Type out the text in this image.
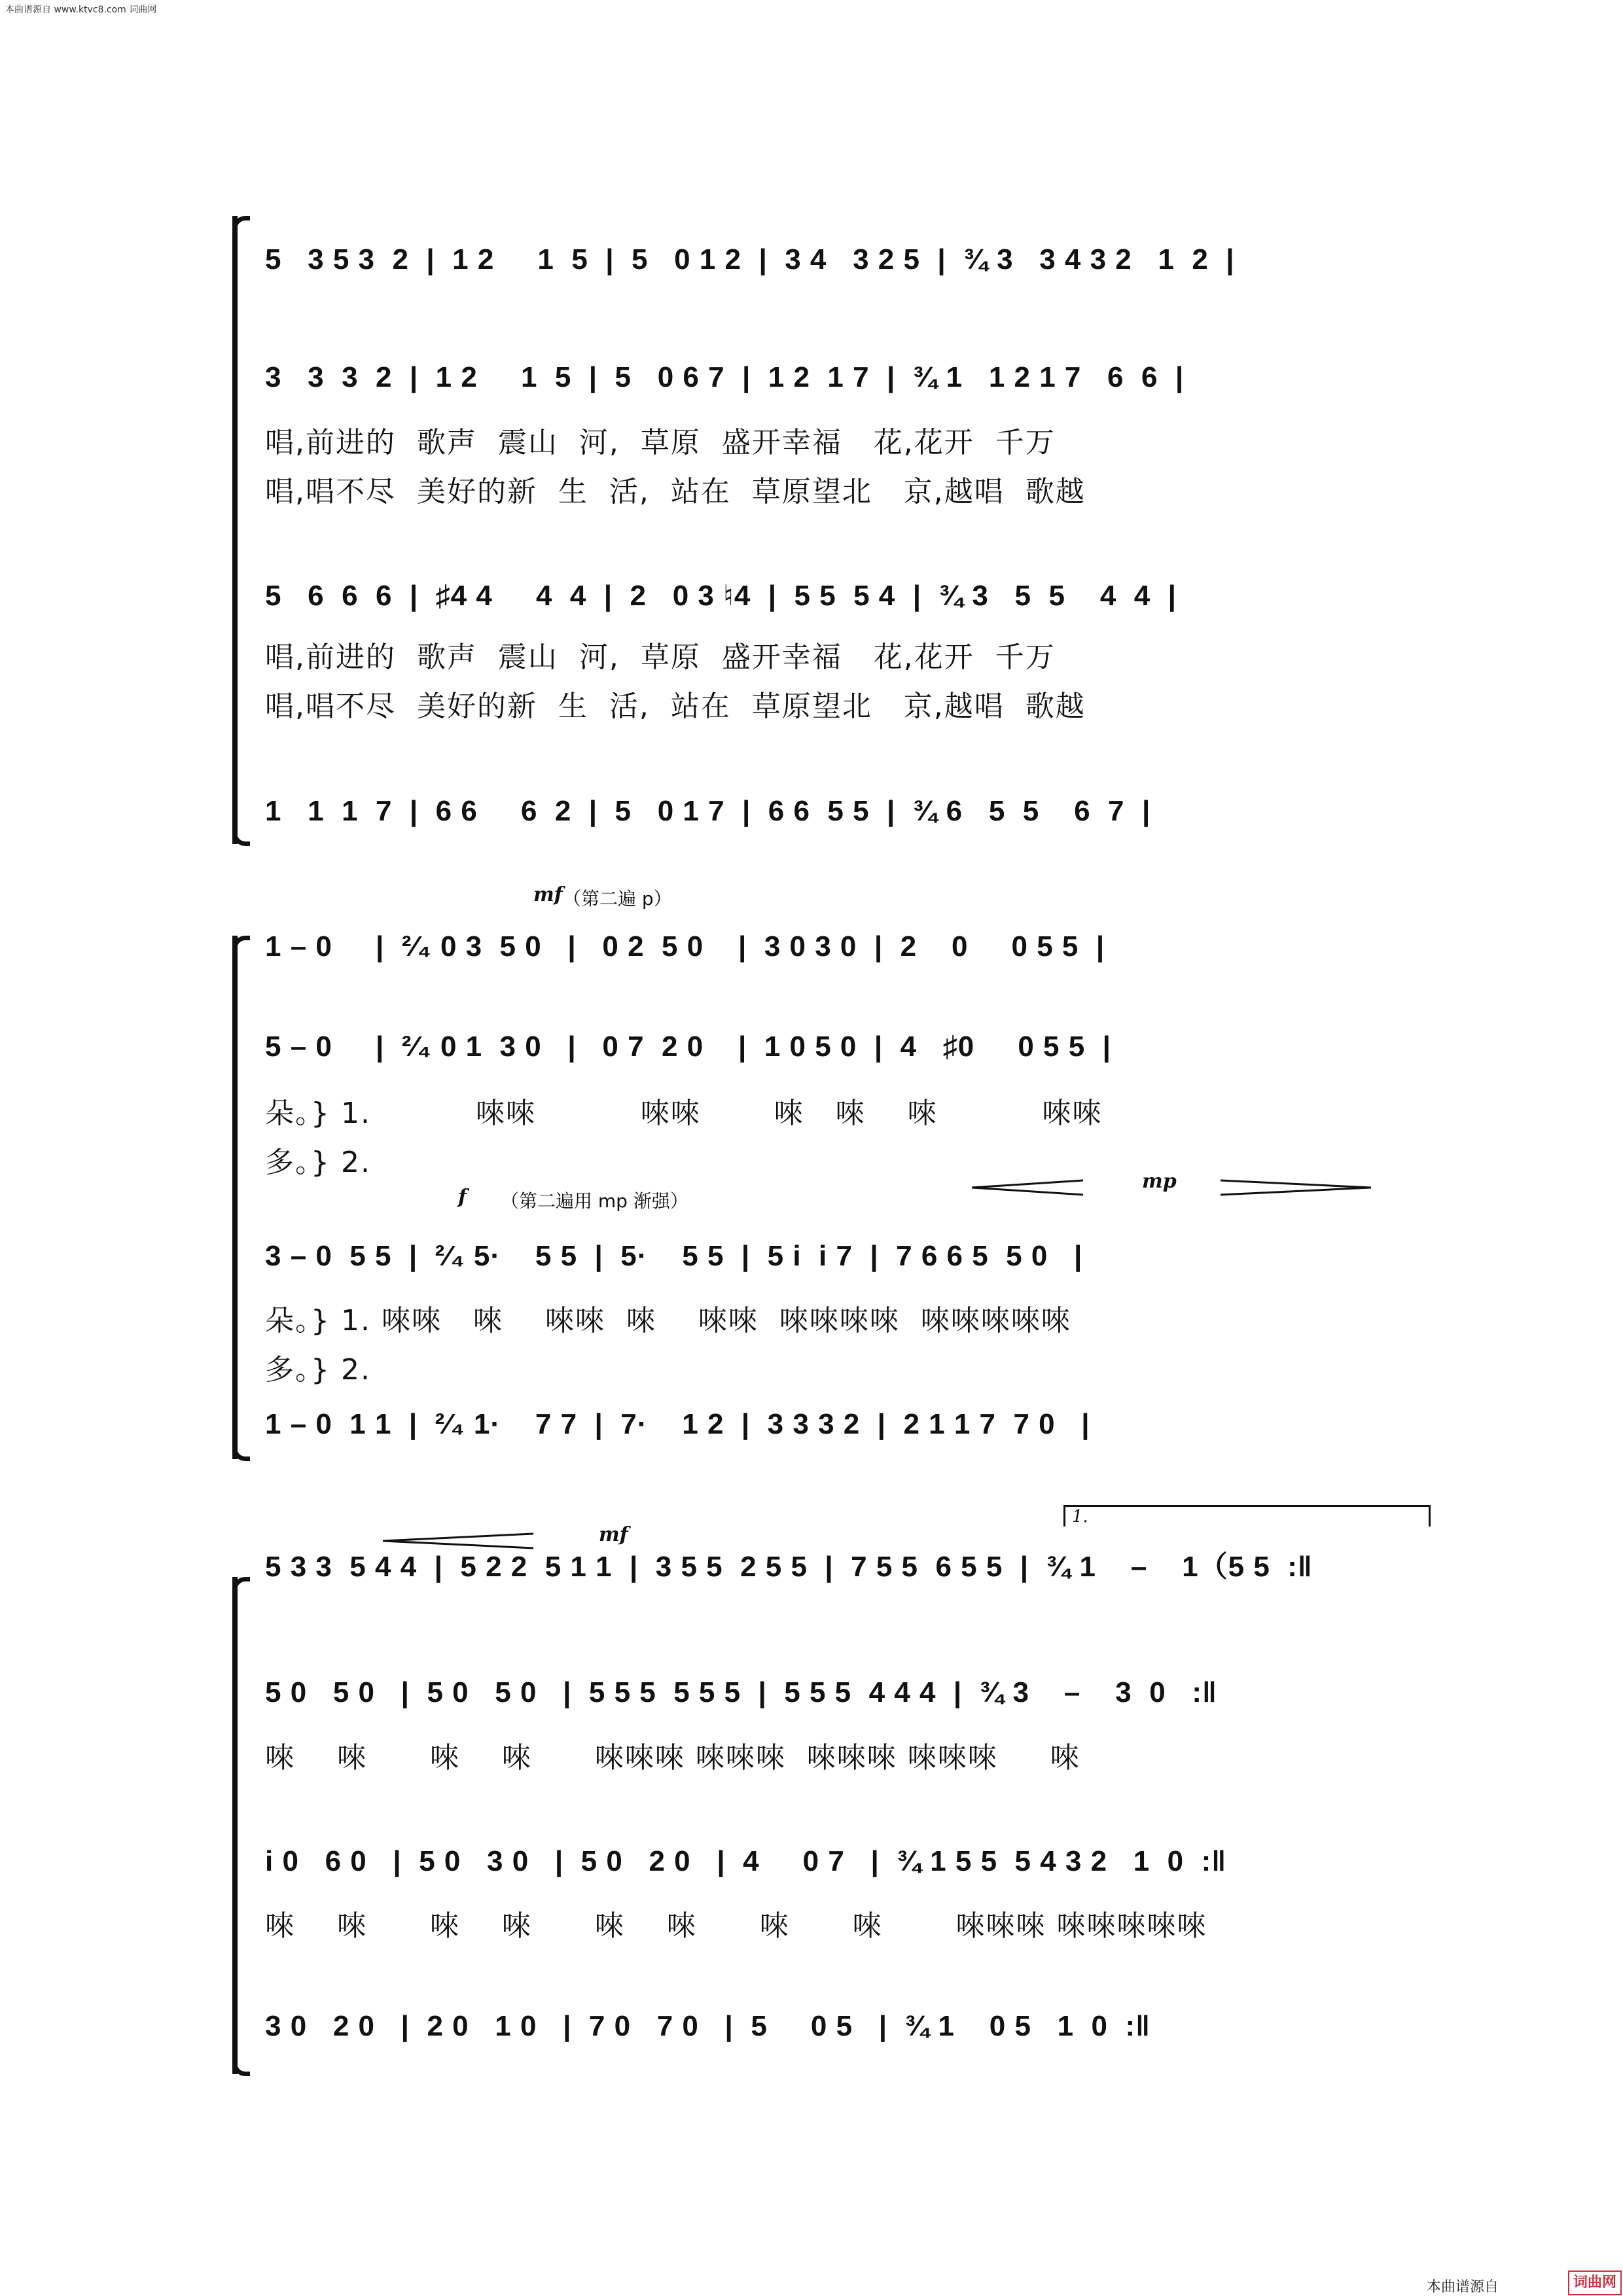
本曲谱源自 www.ktvc8.com 词曲网
5   3 5 3  2  |  1 2     1  5  |  5   0 1 2  |  3 4   3 2 5  |  ¾ 3   3 4 3 2   1  2  |
3   3  3  2  |  1 2     1  5  |  5   0 6 7  |  1 2  1 7  |  ¾ 1   1 2 1 7   6  6  |
唱,前进的  歌声  震山  河,  草原  盛开幸福   花,花开  千万
唱,唱不尽  美好的新  生  活,  站在  草原望北   京,越唱  歌越
5   6  6  6  |  ♯4 4     4  4  |  2   0 3 ♮4  |  5 5  5 4  |  ¾ 3   5  5    4  4  |
唱,前进的  歌声  震山  河,  草原  盛开幸福   花,花开  千万
唱,唱不尽  美好的新  生  活,  站在  草原望北   京,越唱  歌越
1   1  1  7  |  6 6     6  2  |  5   0 1 7  |  6 6  5 5  |  ¾ 6   5  5    6  7  |
mf （第二遍 p）
1 – 0     |  ²⁄₄ 0 3  5 0   |   0 2  5 0    |  3 0 3 0  |  2    0     0 5 5  |
5 – 0     |  ²⁄₄ 0 1  3 0   |   0 7  2 0    |  1 0 5 0  |  4   ♯0     0 5 5  |
朵。} 1.          唻唻          唻唻       唻   唻    唻          唻唻
多。} 2.
f （第二遍用 mp 渐强）
mp
3 – 0  5 5  |  ²⁄₄ 5·    5 5  |  5·    5 5  |  5 i  i 7  |  7 6 6 5  5 0   |
朵。} 1. 唻唻   唻    唻唻  唻    唻唻  唻唻唻唻  唻唻唻唻唻
多。} 2.
1 – 0  1 1  |  ²⁄₄ 1·    7 7  |  7·    1 2  |  3 3 3 2  |  2 1 1 7  7 0   |
mf
1.
5 3 3  5 4 4  |  5 2 2  5 1 1  |  3 5 5  2 5 5  |  7 5 5  6 5 5  |  ¾ 1    –    1（5 5  :‖
5 0   5 0   |  5 0   5 0   |  5 5 5  5 5 5  |  5 5 5  4 4 4  |  ¾ 3    –    3  0   :‖
唻    唻      唻    唻      唻唻唻 唻唻唻  唻唻唻 唻唻唻     唻
i 0   6 0   |  5 0   3 0   |  5 0   2 0   |  4     0 7   |  ¾ 1 5 5  5 4 3 2   1  0  :‖
唻    唻      唻    唻      唻    唻      唻      唻       唻唻唻 唻唻唻唻唻
3 0   2 0   |  2 0   1 0   |  7 0   7 0   |  5     0 5   |  ¾ 1    0 5   1  0  :‖
本曲谱源自	词曲网
